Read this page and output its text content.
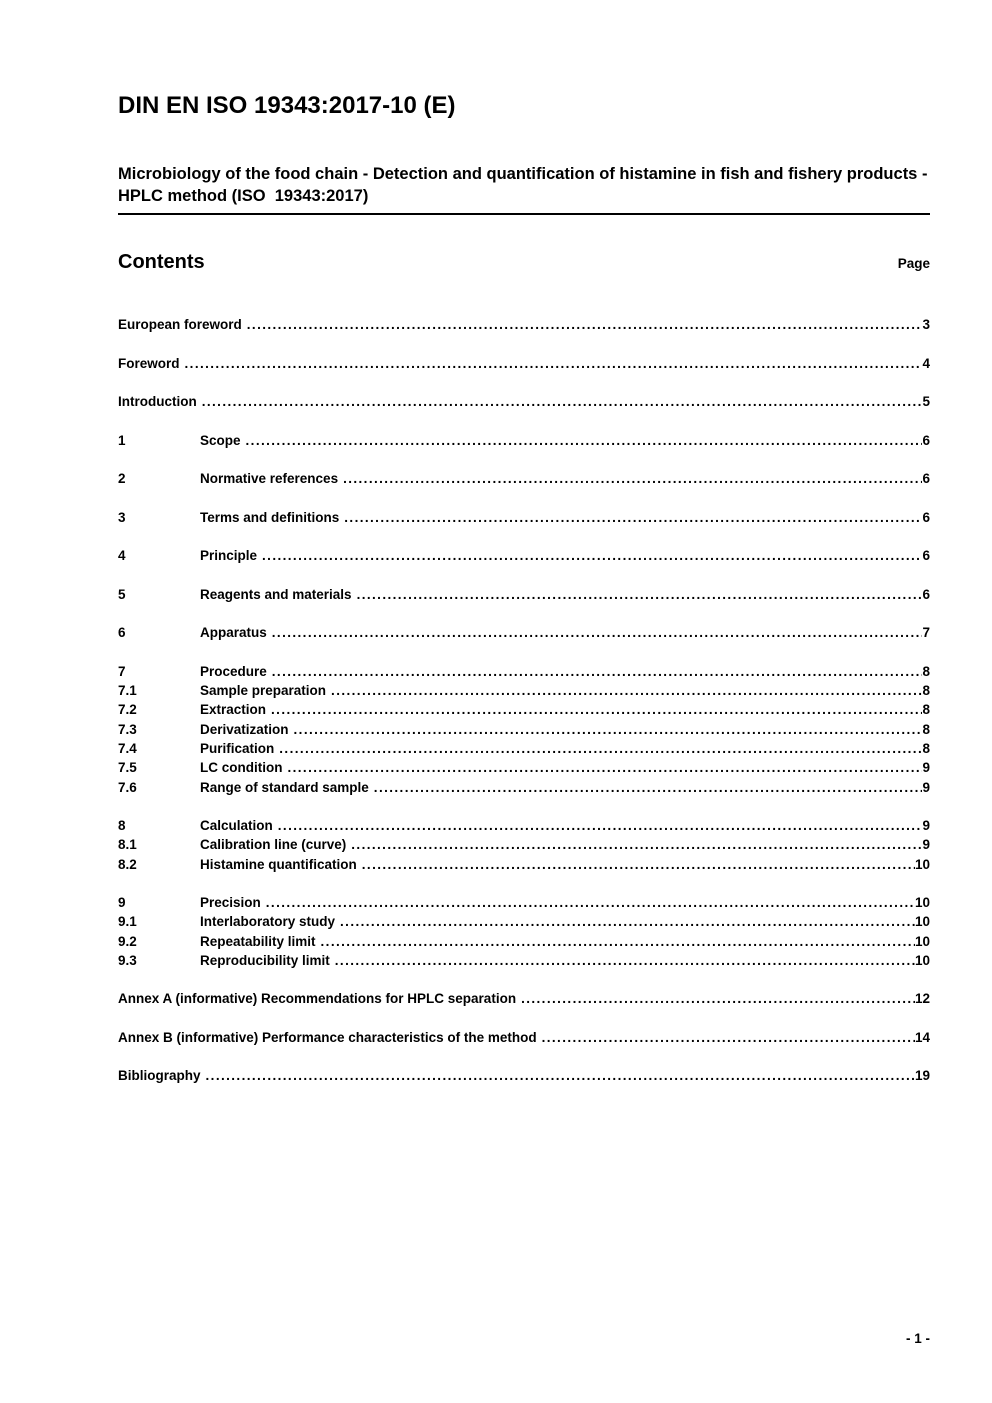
DIN EN ISO 19343:2017-10 (E)
Microbiology of the food chain - Detection and quantification of histamine in fish and fishery products - HPLC method (ISO  19343:2017)
Contents	Page
European foreword .....	3
Foreword .....	4
Introduction .....	5
1	Scope .....	6
2	Normative references .....	6
3	Terms and definitions .....	6
4	Principle .....	6
5	Reagents and materials .....	6
6	Apparatus .....	7
7	Procedure .....	8
7.1	Sample preparation .....	8
7.2	Extraction .....	8
7.3	Derivatization .....	8
7.4	Purification .....	8
7.5	LC condition .....	9
7.6	Range of standard sample .....	9
8	Calculation .....	9
8.1	Calibration line (curve) .....	9
8.2	Histamine quantification .....	10
9	Precision .....	10
9.1	Interlaboratory study .....	10
9.2	Repeatability limit .....	10
9.3	Reproducibility limit .....	10
Annex A (informative) Recommendations for HPLC separation .....	12
Annex B (informative) Performance characteristics of the method .....	14
Bibliography .....	19
- 1 -
